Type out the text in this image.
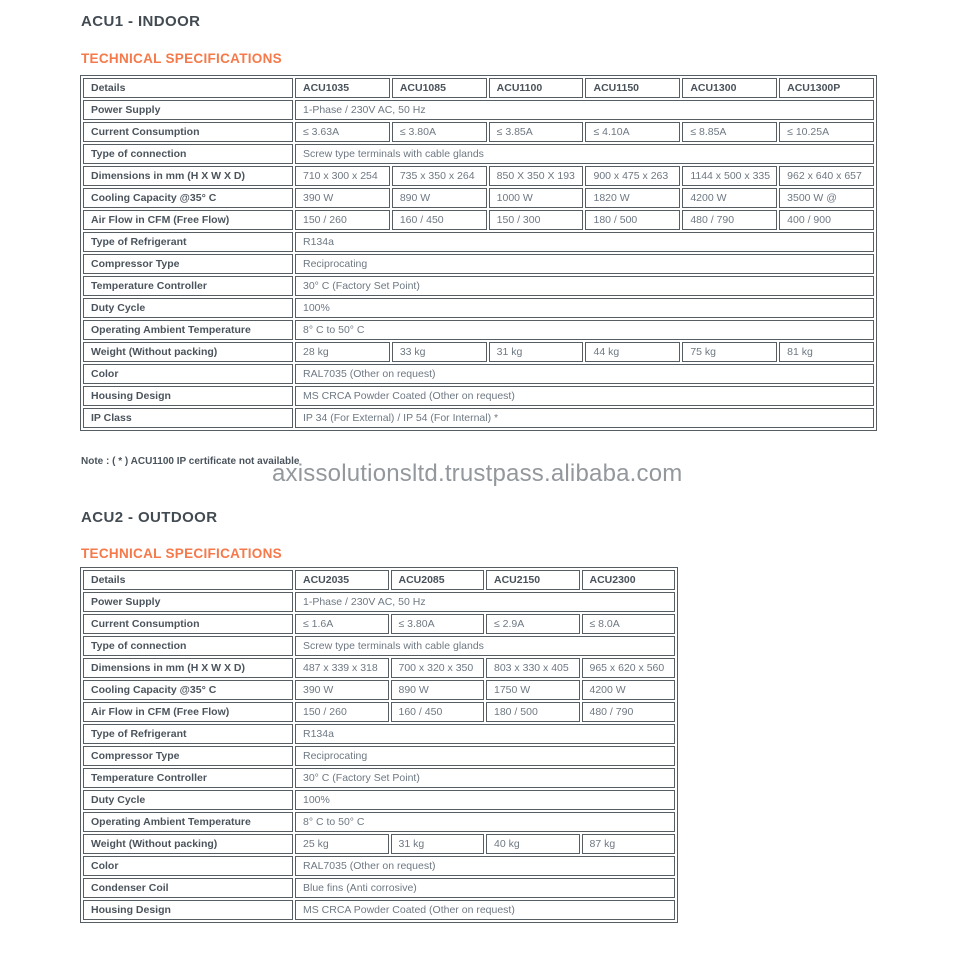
ACU1 - INDOOR
TECHNICAL SPECIFICATIONS
Details	ACU1035	ACU1085	ACU1100	ACU1150	ACU1300	ACU1300P
Power Supply	1-Phase / 230V AC, 50 Hz					
Current Consumption	≤ 3.63A	≤ 3.80A	≤ 3.85A	≤ 4.10A	≤ 8.85A	≤ 10.25A
Type of connection	Screw type terminals with cable glands					
Dimensions in mm (H X W X D)	710 x 300 x 254	735 x 350 x 264	850 X 350 X 193	900 x 475 x 263	1144 x 500 x 335	962 x 640 x 657
Cooling Capacity @35° C	390 W	890 W	1000 W	1820 W	4200 W	3500 W @
Air Flow in CFM (Free Flow)	150 / 260	160 / 450	150 / 300	180 / 500	480 / 790	400 / 900
Type of Refrigerant	R134a					
Compressor Type	Reciprocating					
Temperature Controller	30° C (Factory Set Point)					
Duty Cycle	100%					
Operating Ambient Temperature	8° C to 50° C					
Weight (Without packing)	28 kg	33 kg	31 kg	44 kg	75 kg	81 kg
Color	RAL7035 (Other on request)					
Housing Design	MS CRCA Powder Coated (Other on request)					
IP Class	IP 34 (For External) / IP 54 (For Internal) *					
Note : ( * ) ACU1100 IP certificate not available
axissolutionsltd.trustpass.alibaba.com
ACU2 - OUTDOOR
TECHNICAL SPECIFICATIONS
Details	ACU2035	ACU2085	ACU2150	ACU2300
Power Supply	1-Phase / 230V AC, 50 Hz			
Current Consumption	≤ 1.6A	≤ 3.80A	≤ 2.9A	≤ 8.0A
Type of connection	Screw type terminals with cable glands			
Dimensions in mm (H X W X D)	487 x 339 x 318	700 x 320 x 350	803 x 330 x 405	965 x 620 x 560
Cooling Capacity @35° C	390 W	890 W	1750 W	4200 W
Air Flow in CFM (Free Flow)	150 / 260	160 / 450	180 / 500	480 / 790
Type of Refrigerant	R134a			
Compressor Type	Reciprocating			
Temperature Controller	30° C (Factory Set Point)			
Duty Cycle	100%			
Operating Ambient Temperature	8° C to 50° C			
Weight (Without packing)	25 kg	31 kg	40 kg	87 kg
Color	RAL7035 (Other on request)			
Condenser Coil	Blue fins (Anti corrosive)			
Housing Design	MS CRCA Powder Coated (Other on request)			
